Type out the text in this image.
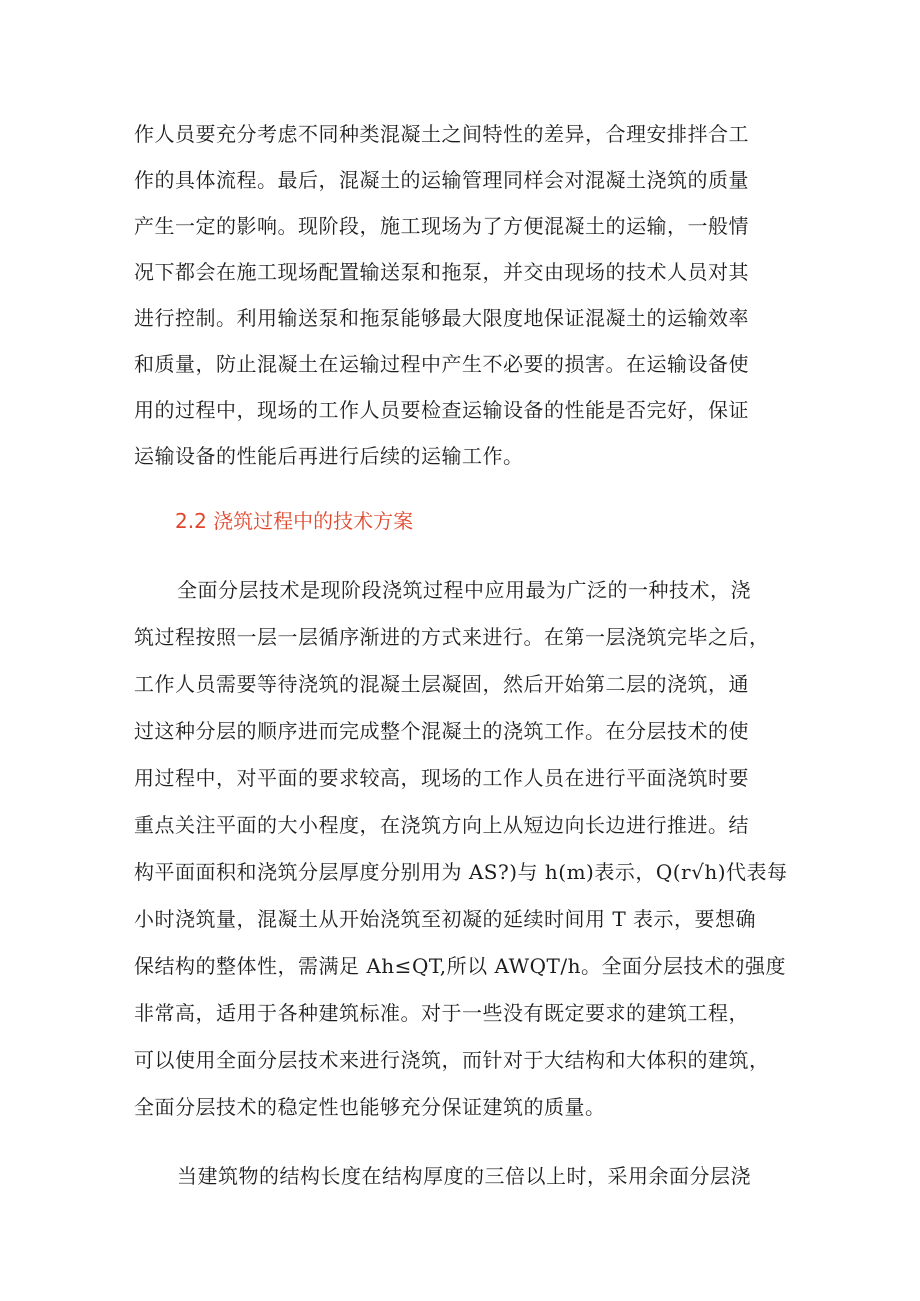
作人员要充分考虑不同种类混凝土之间特性的差异，合理安排拌合工
作的具体流程。最后，混凝土的运输管理同样会对混凝土浇筑的质量
产生一定的影响。现阶段，施工现场为了方便混凝土的运输，一般情
况下都会在施工现场配置输送泵和拖泵，并交由现场的技术人员对其
进行控制。利用输送泵和拖泵能够最大限度地保证混凝土的运输效率
和质量，防止混凝土在运输过程中产生不必要的损害。在运输设备使
用的过程中，现场的工作人员要检查运输设备的性能是否完好，保证
运输设备的性能后再进行后续的运输工作。
2.2 浇筑过程中的技术方案
全面分层技术是现阶段浇筑过程中应用最为广泛的一种技术，浇
筑过程按照一层一层循序渐进的方式来进行。在第一层浇筑完毕之后，
工作人员需要等待浇筑的混凝土层凝固，然后开始第二层的浇筑，通
过这种分层的顺序进而完成整个混凝土的浇筑工作。在分层技术的使
用过程中，对平面的要求较高，现场的工作人员在进行平面浇筑时要
重点关注平面的大小程度，在浇筑方向上从短边向长边进行推进。结
构平面面积和浇筑分层厚度分别用为 AS?)与 h(m)表示，Q(r√h)代表每
小时浇筑量，混凝土从开始浇筑至初凝的延续时间用 T 表示，要想确
保结构的整体性，需满足 Ah≤QT,所以 AWQT/h。全面分层技术的强度
非常高，适用于各种建筑标准。对于一些没有既定要求的建筑工程，
可以使用全面分层技术来进行浇筑，而针对于大结构和大体积的建筑，
全面分层技术的稳定性也能够充分保证建筑的质量。
当建筑物的结构长度在结构厚度的三倍以上时，采用余面分层浇
